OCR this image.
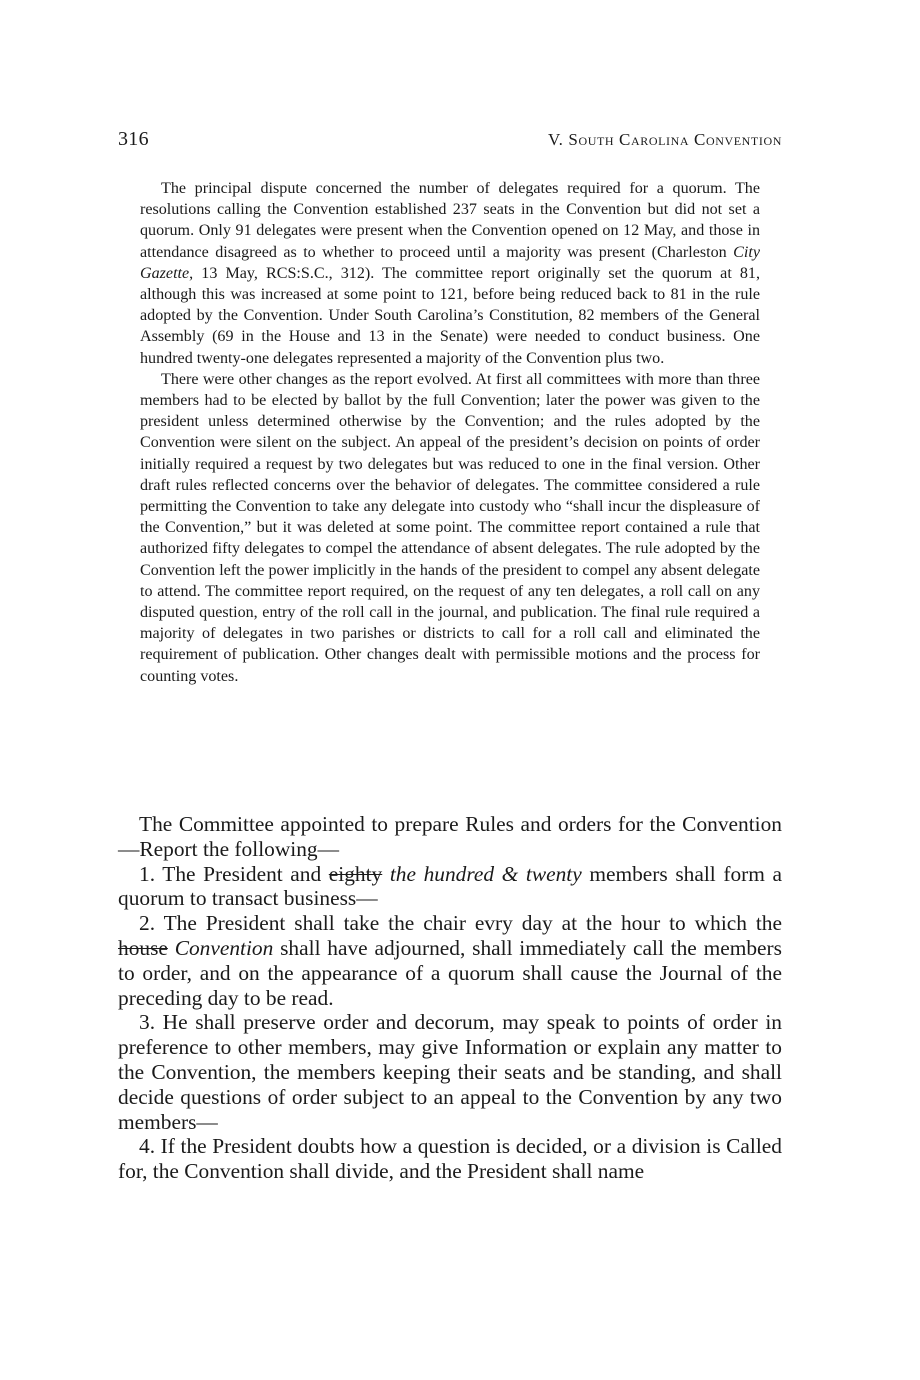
316	V. South Carolina Convention

The principal dispute concerned the number of delegates required for a quorum. The resolutions calling the Convention established 237 seats in the Convention but did not set a quorum. Only 91 delegates were present when the Convention opened on 12 May, and those in attendance disagreed as to whether to proceed until a majority was present (Charleston City Gazette, 13 May, RCS:S.C., 312). The committee report originally set the quorum at 81, although this was increased at some point to 121, before being reduced back to 81 in the rule adopted by the Convention. Under South Carolina’s Constitution, 82 members of the General Assembly (69 in the House and 13 in the Senate) were needed to conduct business. One hundred twenty-one delegates represented a majority of the Convention plus two.

There were other changes as the report evolved. At first all committees with more than three members had to be elected by ballot by the full Convention; later the power was given to the president unless determined otherwise by the Convention; and the rules adopted by the Convention were silent on the subject. An appeal of the president’s decision on points of order initially required a request by two delegates but was reduced to one in the final version. Other draft rules reflected concerns over the behavior of delegates. The committee considered a rule permitting the Convention to take any delegate into custody who “shall incur the displeasure of the Convention,” but it was deleted at some point. The committee report contained a rule that authorized fifty delegates to compel the attendance of absent delegates. The rule adopted by the Convention left the power implicitly in the hands of the president to compel any absent delegate to attend. The committee report required, on the request of any ten delegates, a roll call on any disputed question, entry of the roll call in the journal, and publication. The final rule required a majority of delegates in two parishes or districts to call for a roll call and eliminated the requirement of publication. Other changes dealt with permissible motions and the process for counting votes.

The Committee appointed to prepare Rules and orders for the Convention—Report the following—

1. The President and eighty the hundred & twenty members shall form a quorum to transact business—

2. The President shall take the chair evry day at the hour to which the house Convention shall have adjourned, shall immediately call the members to order, and on the appearance of a quorum shall cause the Journal of the preceding day to be read.

3. He shall preserve order and decorum, may speak to points of order in preference to other members, may give Information or explain any matter to the Convention, the members keeping their seats and be standing, and shall decide questions of order subject to an appeal to the Convention by any two members—

4. If the President doubts how a question is decided, or a division is Called for, the Convention shall divide, and the President shall name
